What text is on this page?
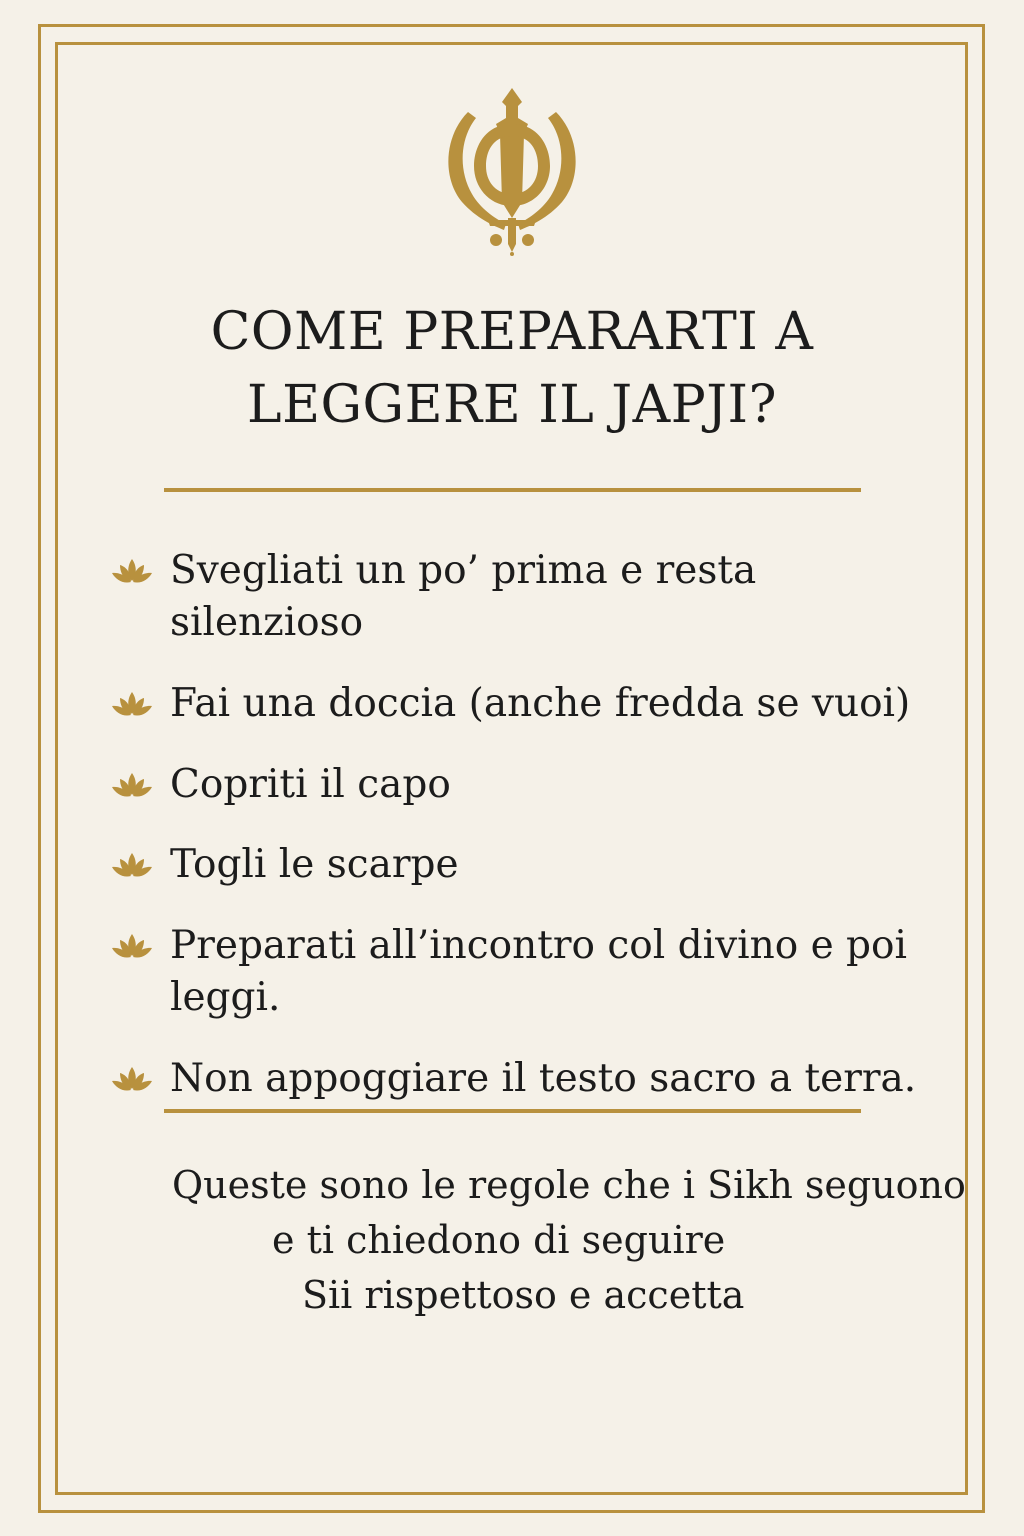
COME PREPARARTI A
LEGGERE IL JAPJI?
Svegliati un po’ prima e resta silenzioso
Fai una doccia (anche fredda se vuoi)
Copriti il capo
Togli le scarpe
Preparati all’incontro col divino e poi leggi.
Non appoggiare il testo sacro a terra.
Queste sono le regole che i Sikh seguono
e ti chiedono di seguire
Sii rispettoso e accetta
